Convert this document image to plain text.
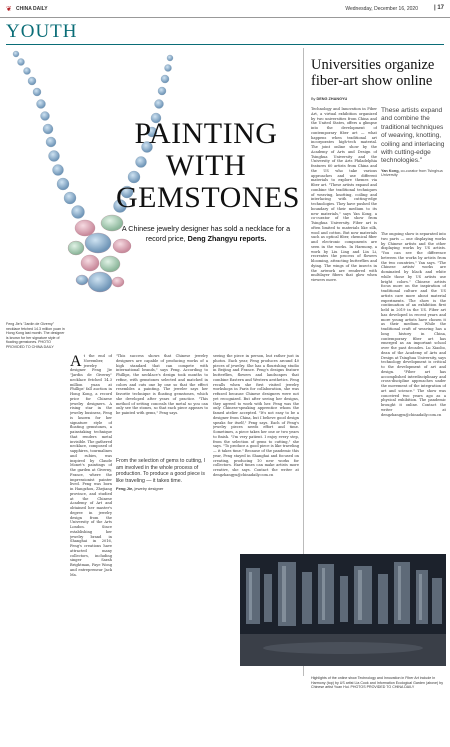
❦ CHINA DAILY	Wednesday, December 16, 2020	| 17
YOUTH
PAINTING WITH GEMSTONES
A Chinese jewelry designer has sold a necklace for a record price, Deng Zhangyu reports.
Feng Jie's "Jardin de Giverny" necklace fetched 14.3 million yuan in Hong Kong last month. The designer is known for her signature style of floating gemstones. PHOTO PROVIDED TO CHINA DAILY
A t the end of November, jewelry designer Feng Jie "Jardin de Giverny" necklace fetched 14.3 million yuan at Phillips' fall auction in Hong Kong, a record price for Chinese jewelry designers. A rising star in the jewelry business, Feng is known for her signature style of floating gemstones, a painstaking technique that renders metal invisible. The gathered necklace, composed of sapphires, tourmalines and rubies, was inspired by Claude Monet's paintings of the garden at Giverny, France, where the impressionist painter lived. Feng was born in Hangzhou, Zhejiang province, and studied at the Chinese Academy of Art and obtained her master's degree in jewelry design from the University of the Arts London. Since establishing her jewelry brand in Shanghai in 2016, Feng's creations have attracted many collectors, including singer Sarah Brightman, Faye Wong and entrepreneur Jack Ma.
"This success shows that Chinese jewelry designers are capable of producing works of a high standard that can compete with international brands," says Feng. According to Phillips, the necklace's design took months to refine, with gemstones selected and matched in colors and cuts one by one so that the effect resembles a painting. The jeweler says her favorite technique is floating gemstones, which she developed after years of practice. "This method of setting conceals the metal so you can only see the stones, so that each piece appears to be painted with gems," Feng says.
From the selection of gems to cutting, I am involved in the whole process of production. To produce a good piece is like traveling — it takes time.
Feng Jie, jewelry designer
seeing the piece in person, but rather just in photos. Each year, Feng produces around 40 pieces of jewelry. She has a flourishing studio in Beijing and France. Feng's designs feature butterflies, flowers and landscapes that combine Eastern and Western aesthetics. Feng recalls when she first visited jewelry workshops in Paris for collaboration, she was refused because Chinese designers were not yet recognized. But after seeing her designs, they agreed to work with her. Feng was the only Chinese-speaking apprentice whom the famed atelier accepted. "It's not easy to be a designer from China, but I believe good design speaks for itself," Feng says. Each of Feng's jewelry pieces needs effort and time. Sometimes, a piece takes her one or two years to finish. "I'm very patient. I enjoy every step, from the selection of gems to cutting," she says. "To produce a good piece is like traveling — it takes time." Because of the pandemic this year, Feng stayed in Shanghai and focused on creating, producing 10 new works for collectors. Hard times can make artists more creative, she says. Contact the writer at dengzhangyu@chinadaily.com.cn
Universities organize fiber-art show online
By DENG ZHANGYU
Technology and Innovation in Fiber Art, a virtual exhibition organized by two universities from China and the United States, offers a glimpse into the development of contemporary fiber art — what happens when traditional art incorporates high-tech material. The joint online show by the Academy of Arts and Design of Tsinghua University and the University of the Arts Philadelphia features 60 artists from China and the US who take various approaches and use different materials to explore themes via fiber art. "These artists expand and combine the traditional techniques of weaving, knotting, coiling and interlacing with cutting-edge technologies. They have pushed the boundary of their medium to its new materials," says Yan Kong, a co-curator of the show from Tsinghua University. Fiber art is often limited to materials like silk, wool and cotton. But now materials such as optical fiber, chemical fiber and electronic components are seen in the works. In Harmony, a work by Liu Ling and Lin Li, recreates the process of flowers blooming, attracting butterflies and dying. The wings of the insects in the artwork are rendered with multilayer fibers that glow when viewers move.
These artists expand and combine the traditional techniques of weaving, knotting, coiling and interlacing with cutting-edge technologies."
Yan Kong, co-curator from Tsinghua University
The ongoing show is separated into two parts — one displaying works by Chinese artists and the other displaying works by US artists. "You can see the difference between the works by artists from the two countries," Yan says. "The Chinese artists' works are dominated by black and white while those by US artists use bright colors." Chinese artists focus more on the inspiration of traditional culture and the US artists care more about material experiments. The show is the continuation of an exhibition first held in 2019 in the US. Fiber art has developed in recent years and more young artists have chosen it as their medium. While the traditional craft of weaving has a long history in China, contemporary fiber art has emerged as an important school over the past decades. Lu Xiaobo, dean of the Academy of Arts and Design at Tsinghua University, says technology development is critical to the development of art and design. "Fiber art has accomplished interdisciplinary and cross-discipline approaches under the movement of the integration of art and science." The show was conceived two years ago as a physical exhibition. The pandemic brought it online. Contact the writer at dengzhangyu@chinadaily.com.cn
Highlights of the online show Technology and Innovation in Fiber Art include In Harmony (top) by US artist Lia Cook and Information Ecological Garden (above) by Chinese artist Yuan Hui. PHOTOS PROVIDED TO CHINA DAILY
